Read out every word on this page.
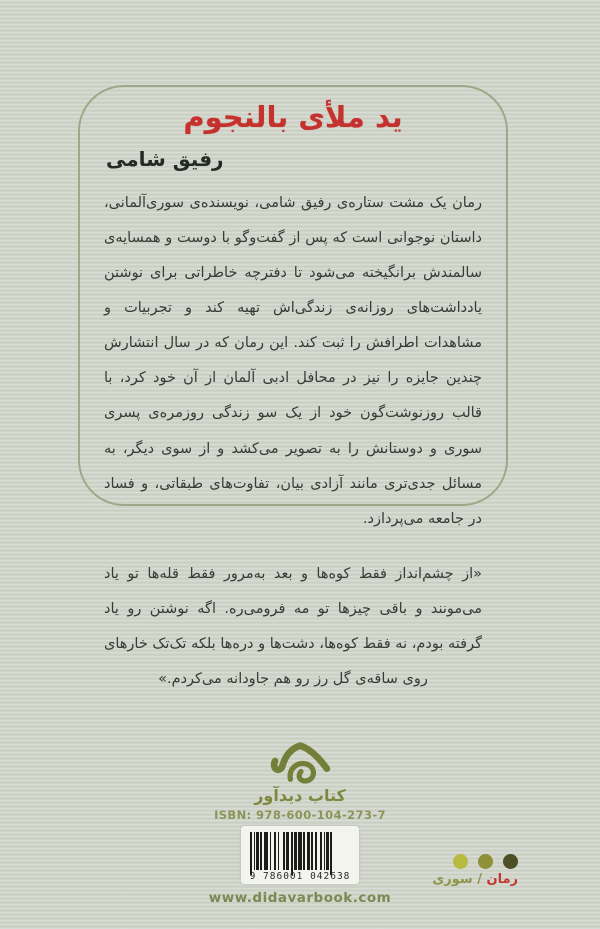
ید ملأی بالنجوم
رفیق شامی

رمان یک مشت ستاره‌ی رفیق شامی، نویسنده‌ی سوری‌آلمانی، داستان نوجوانی است که پس از گفت‌وگو با دوست و همسایه‌ی سالمندش برانگیخته می‌شود تا دفترچه خاطراتی برای نوشتن یادداشت‌های روزانه‌ی زندگی‌اش تهیه کند و تجربیات و مشاهدات اطرافش را ثبت کند. این رمان که در سال انتشارش چندین جایزه را نیز در محافل ادبی آلمان از آن خود کرد، با قالب روزنوشت‌گون خود از یک سو زندگی روزمره‌ی پسری سوری و دوستانش را به تصویر می‌کشد و از سوی دیگر، به مسائل جدی‌تری مانند آزادی بیان، تفاوت‌های طبقاتی، و فساد در جامعه می‌پردازد.

«از چشم‌انداز فقط کوه‌ها و بعد به‌مرور فقط قله‌ها تو یاد می‌مونند و باقی چیزها تو مه فرومی‌ره. اگه نوشتن رو یاد گرفته بودم، نه فقط کوه‌ها، دشت‌ها و دره‌ها بلکه تک‌تک خارهای روی ساقه‌ی گل رز رو هم جاودانه می‌کردم.»

کتاب دیدآور
ISBN: 978-600-104-273-7
9 786001 042638
www.didavarbook.com
رمان / سوری
